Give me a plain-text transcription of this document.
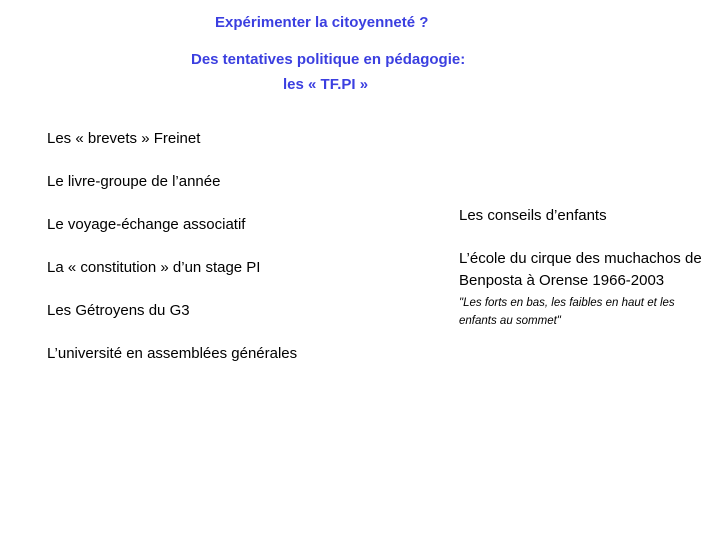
Expérimenter la citoyenneté ?
Des tentatives politique en pédagogie:
les « TF.PI »
Les « brevets » Freinet
Le livre-groupe de l’année
Le voyage-échange associatif
La « constitution » d’un stage PI
Les Gétroyens du G3
L’université en assemblées générales
Les conseils d’enfants
L’école du cirque des muchachos de Benposta à Orense 1966-2003
"Les forts en bas, les faibles en haut et les enfants au sommet"
